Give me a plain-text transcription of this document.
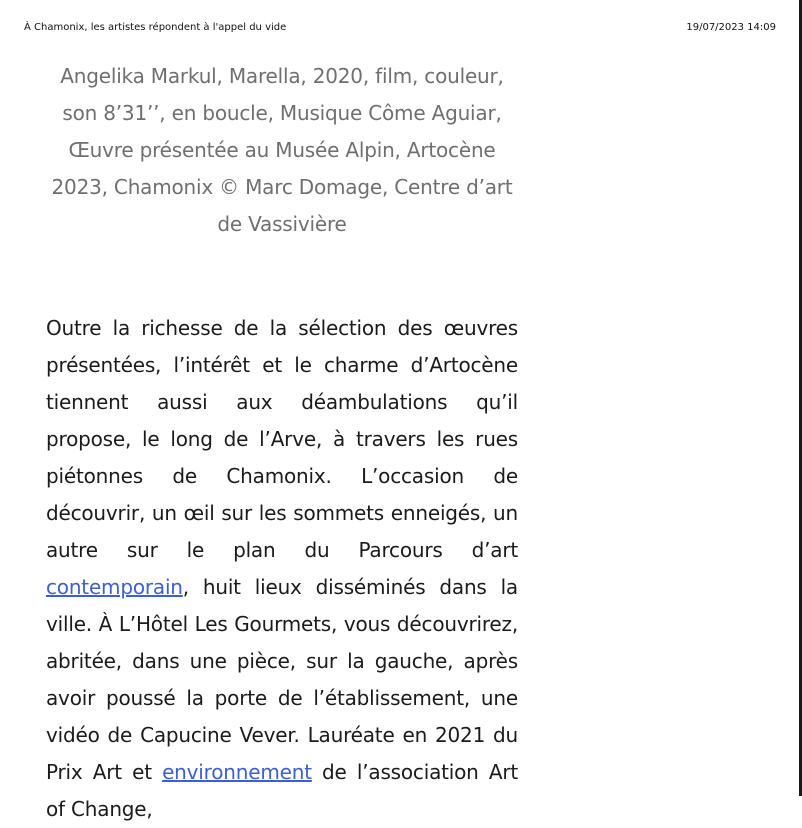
À Chamonix, les artistes répondent à l'appel du vide	19/07/2023 14:09
Angelika Markul, Marella, 2020, film, couleur, son 8’31’’, en boucle, Musique Côme Aguiar, Œuvre présentée au Musée Alpin, Artocène 2023, Chamonix © Marc Domage, Centre d’art de Vassivière
Outre la richesse de la sélection des œuvres présentées, l’intérêt et le charme d’Artocène tiennent aussi aux déambulations qu’il propose, le long de l’Arve, à travers les rues piétonnes de Chamonix. L’occasion de découvrir, un œil sur les sommets enneigés, un autre sur le plan du Parcours d’art contemporain, huit lieux disséminés dans la ville. À L’Hôtel Les Gourmets, vous découvrirez, abritée, dans une pièce, sur la gauche, après avoir poussé la porte de l’établissement, une vidéo de Capucine Vever. Lauréate en 2021 du Prix Art et environnement de l’association Art of Change,
